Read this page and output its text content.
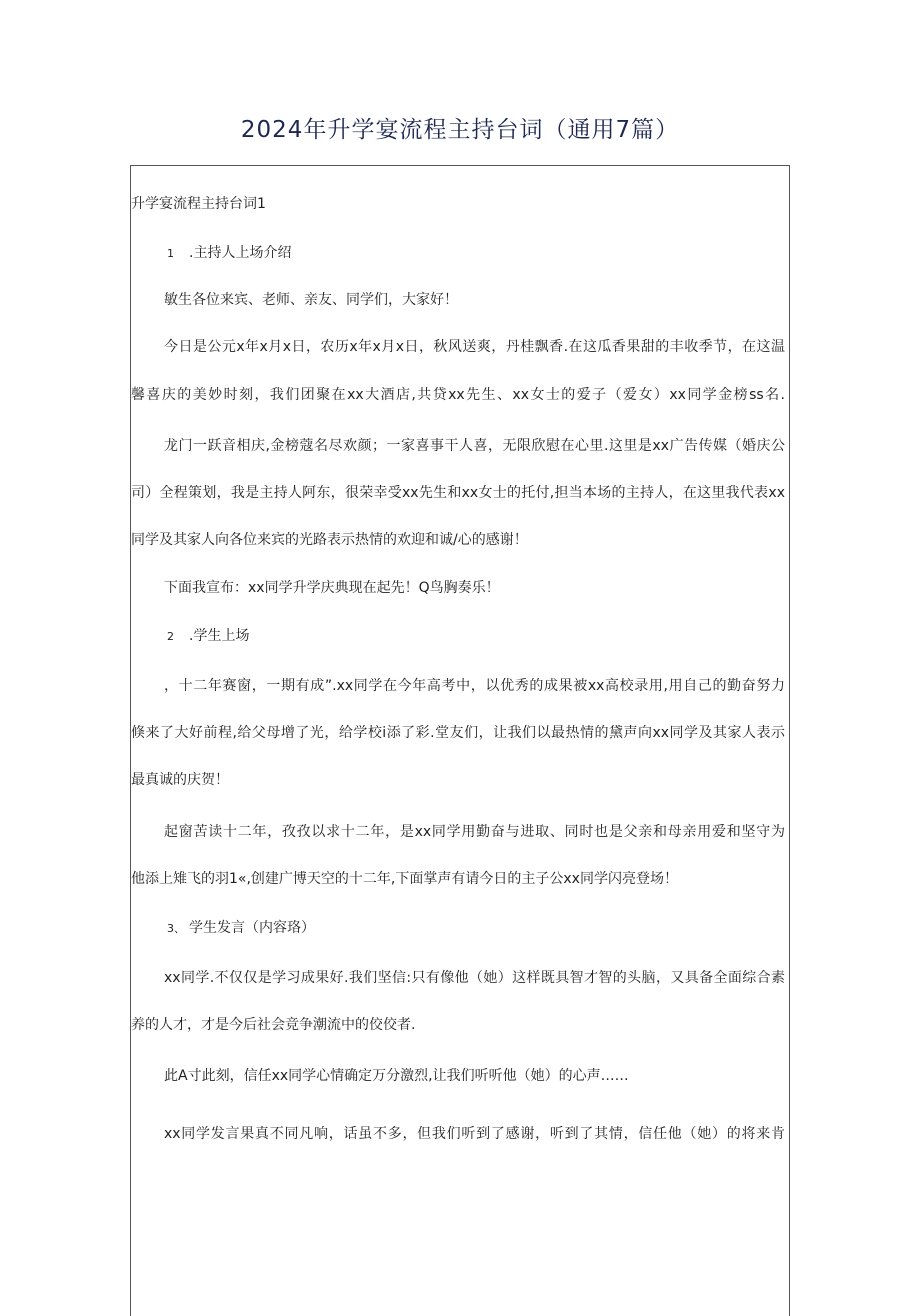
2024年升学宴流程主持台词（通用7篇）
升学宴流程主持台词1
1 .主持人上场介绍
敏生各位来宾、老师、亲友、同学们，大家好！
今日是公元x年x月x日，农历x年x月x日，秋风送爽，丹桂飘香.在这瓜香果甜的丰收季节，在这温
馨喜庆的美妙时刻，我们团聚在xx大酒店,共贷xx先生、xx女士的爱子（爱女）xx同学金榜ss名.
龙门一跃音相庆,金榜蔻名尽欢颜；一家喜事干人喜，无限欣慰在心里.这里是xx广告传媒（婚庆公
司）全程策划，我是主持人阿东，很荣幸受xx先生和xx女士的托付,担当本场的主持人，在这里我代表xx
同学及其家人向各位来宾的光路表示热情的欢迎和诚/心的感谢！
下面我宣布：xx同学升学庆典现在起先！Q鸟胸奏乐！
2 .学生上场
，十二年赛窗，一期有成”.xx同学在今年高考中，以优秀的成果被xx高校录用,用自己的勤奋努力
倏来了大好前程,给父母增了光，给学校i添了彩.堂友们，让我们以最热情的黛声向xx同学及其家人表示
最真诚的庆贺！
起窗苦读十二年，孜孜以求十二年，是xx同学用勤奋与进取、同时也是父亲和母亲用爱和坚守为
他添上雉飞的羽1«,创建广博天空的十二年,下面掌声有请今日的主子公xx同学闪亮登场！
3、 学生发言（内容珞）
xx同学.不仅仅是学习成果好.我们坚信:只有像他（她）这样既具智才智的头脑，又具备全面综合素
养的人才，才是今后社会竞争潮流中的佼佼者.
此A寸此刻，信任xx同学心情确定万分激烈,让我们听听他（她）的心声……
xx同学发言果真不同凡响，话虽不多，但我们听到了感谢，听到了其情，信任他（她）的将来肯
